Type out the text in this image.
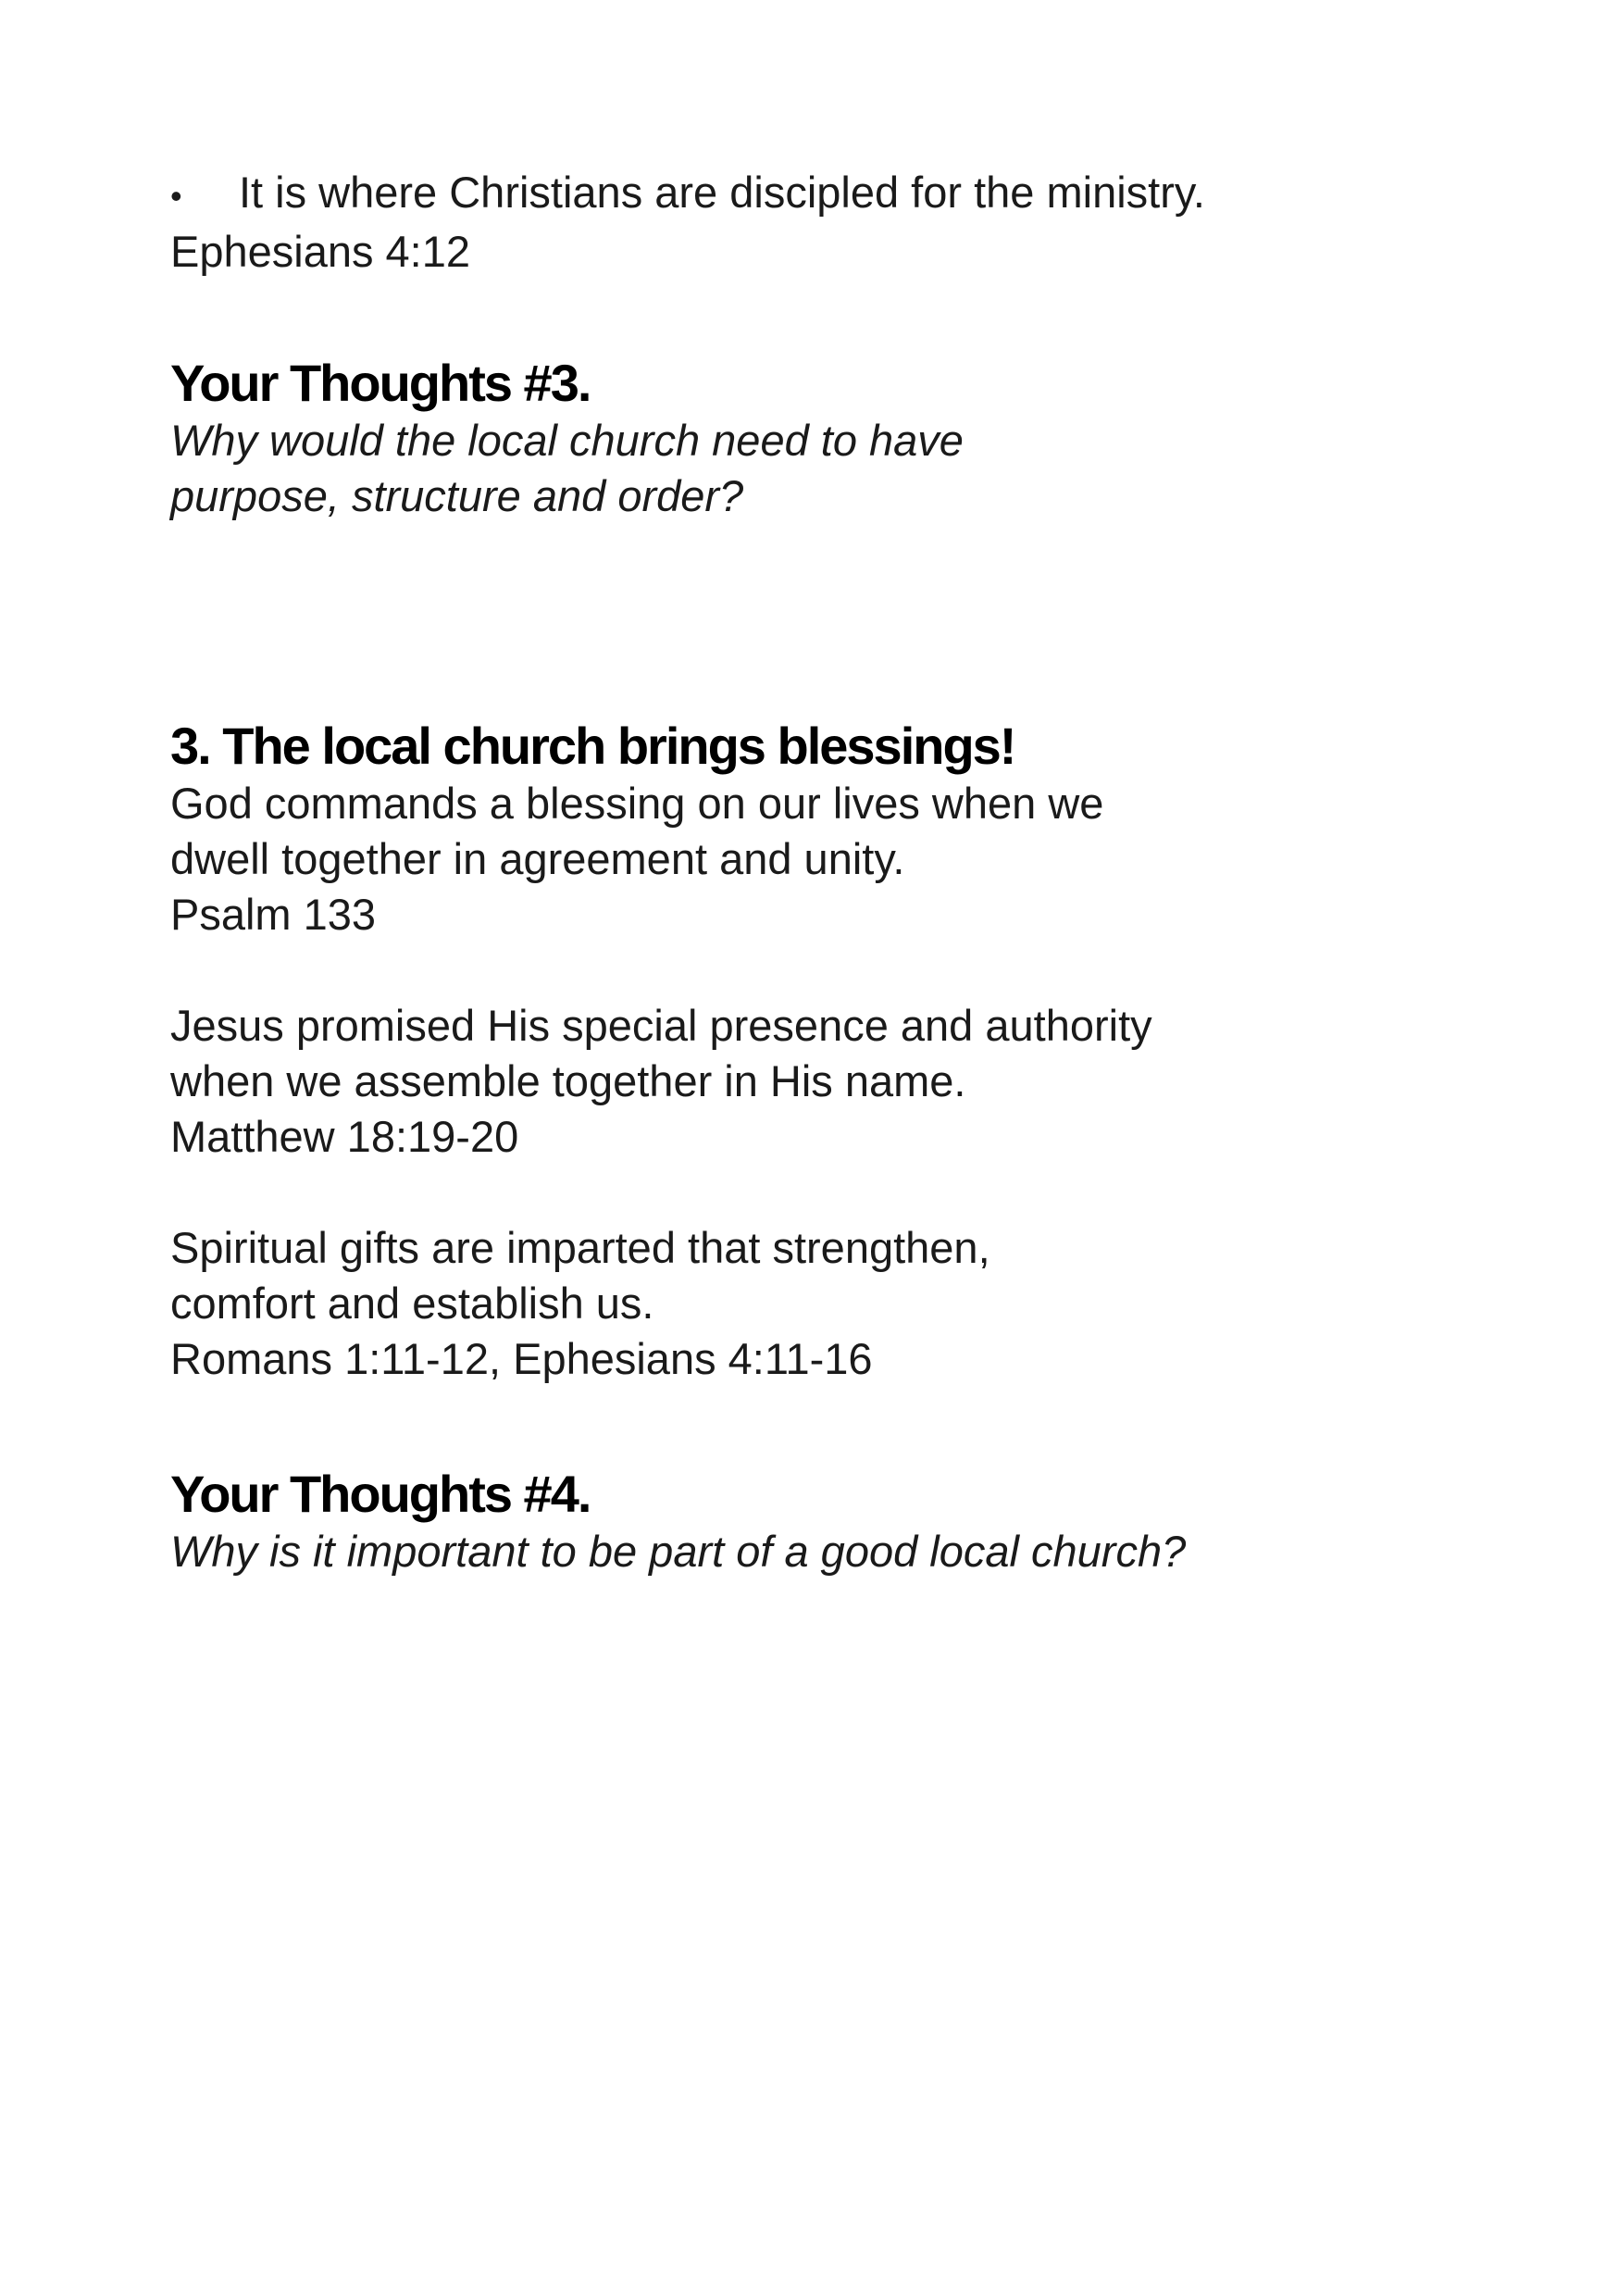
•	It is where Christians are discipled for the ministry.

Ephesians 4:12

Your Thoughts #3.

Why would the local church need to have

purpose, structure and order?

3. The local church brings blessings!

God commands a blessing on our lives when we

dwell together in agreement and unity.

Psalm 133

Jesus promised His special presence and authority

when we assemble together in His name.

Matthew 18:19-20

Spiritual gifts are imparted that strengthen,

comfort and establish us.

Romans 1:11-12, Ephesians 4:11-16

Your Thoughts #4.

Why is it important to be part of a good local church?
